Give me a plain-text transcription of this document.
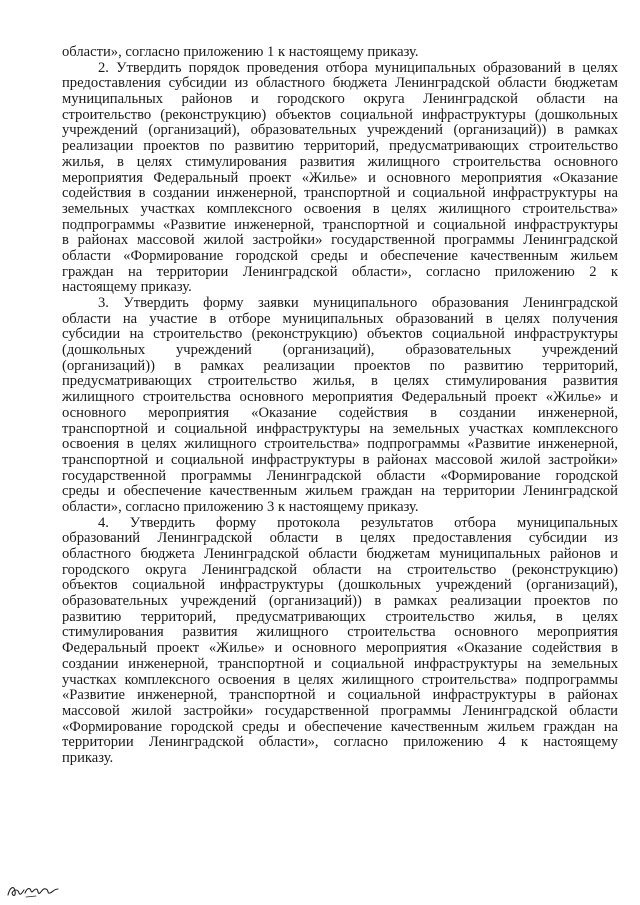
области», согласно приложению 1 к настоящему приказу.
2. Утвердить порядок проведения отбора муниципальных образований в целях
предоставления субсидии из областного бюджета Ленинградской области бюджетам
муниципальных районов и городского округа Ленинградской области на
строительство (реконструкцию) объектов социальной инфраструктуры (дошкольных
учреждений (организаций), образовательных учреждений (организаций)) в рамках
реализации проектов по развитию территорий, предусматривающих строительство
жилья, в целях стимулирования развития жилищного строительства основного
мероприятия Федеральный проект «Жилье» и основного мероприятия «Оказание
содействия в создании инженерной, транспортной и социальной инфраструктуры на
земельных участках комплексного освоения в целях жилищного строительства»
подпрограммы «Развитие инженерной, транспортной и социальной инфраструктуры
в районах массовой жилой застройки» государственной программы Ленинградской
области «Формирование городской среды и обеспечение качественным жильем
граждан на территории Ленинградской области», согласно приложению 2 к
настоящему приказу.
3. Утвердить форму заявки муниципального образования Ленинградской
области на участие в отборе муниципальных образований в целях получения
субсидии на строительство (реконструкцию) объектов социальной инфраструктуры
(дошкольных учреждений (организаций), образовательных учреждений
(организаций)) в рамках реализации проектов по развитию территорий,
предусматривающих строительство жилья, в целях стимулирования развития
жилищного строительства основного мероприятия Федеральный проект «Жилье» и
основного мероприятия «Оказание содействия в создании инженерной,
транспортной и социальной инфраструктуры на земельных участках комплексного
освоения в целях жилищного строительства» подпрограммы «Развитие инженерной,
транспортной и социальной инфраструктуры в районах массовой жилой застройки»
государственной программы Ленинградской области «Формирование городской
среды и обеспечение качественным жильем граждан на территории Ленинградской
области», согласно приложению 3 к настоящему приказу.
4. Утвердить форму протокола результатов отбора муниципальных
образований Ленинградской области в целях предоставления субсидии из
областного бюджета Ленинградской области бюджетам муниципальных районов и
городского округа Ленинградской области на строительство (реконструкцию)
объектов социальной инфраструктуры (дошкольных учреждений (организаций),
образовательных учреждений (организаций)) в рамках реализации проектов по
развитию территорий, предусматривающих строительство жилья, в целях
стимулирования развития жилищного строительства основного мероприятия
Федеральный проект «Жилье» и основного мероприятия «Оказание содействия в
создании инженерной, транспортной и социальной инфраструктуры на земельных
участках комплексного освоения в целях жилищного строительства» подпрограммы
«Развитие инженерной, транспортной и социальной инфраструктуры в районах
массовой жилой застройки» государственной программы Ленинградской области
«Формирование городской среды и обеспечение качественным жильем граждан на
территории Ленинградской области», согласно приложению 4 к настоящему
приказу.
